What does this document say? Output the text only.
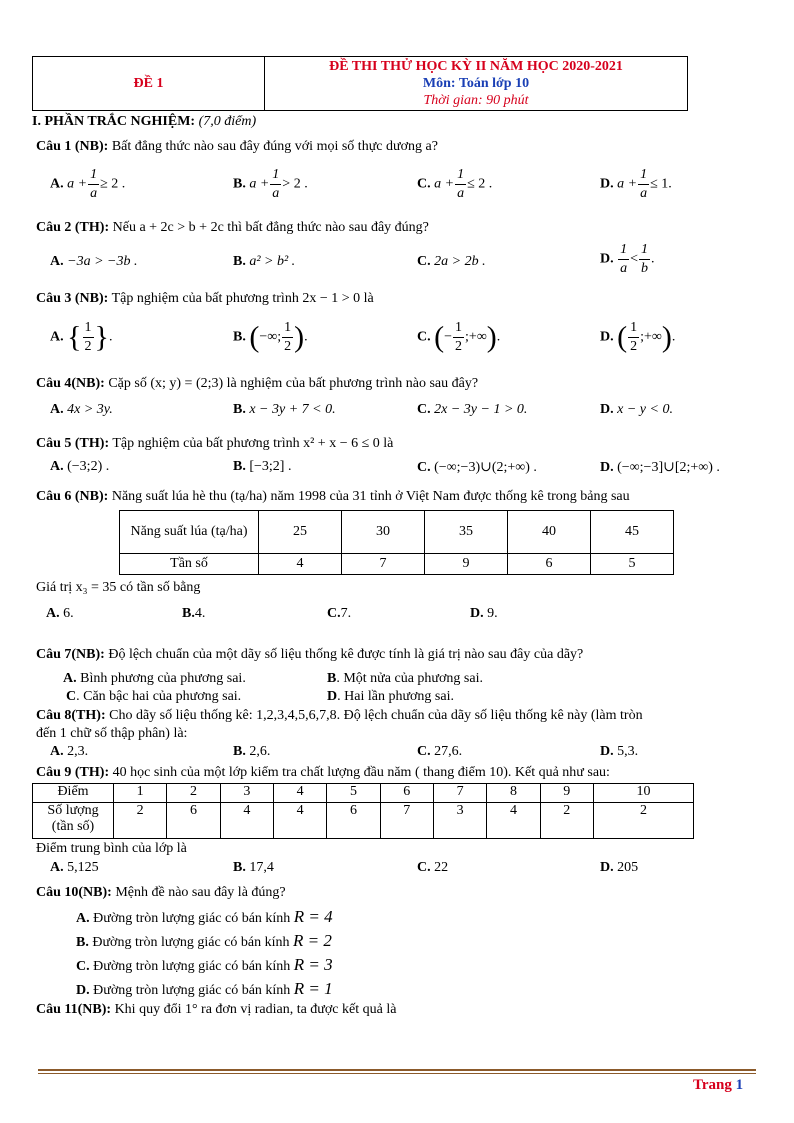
ĐỀ 1
ĐỀ THI THỬ HỌC KỲ II NĂM HỌC 2020-2021
Môn: Toán lớp 10
Thời gian: 90 phút
I. PHẦN TRẮC NGHIỆM: (7,0 điểm)
Câu 1 (NB): Bất đẳng thức nào sau đây đúng với mọi số thực dương a?
A. $a + \frac{1}{a} \ge 2$ .	B. $a + \frac{1}{a} > 2$ .	C. $a + \frac{1}{a} \le 2$ .	D. $a + \frac{1}{a} \le 1$.
Câu 2 (TH): Nếu a + 2c > b + 2c thì bất đẳng thức nào sau đây đúng?
A. −3a > −3b .	B. a² > b² .	C. 2a > 2b .	D. $\frac{1}{a} < \frac{1}{b}$ .
Câu 3 (NB): Tập nghiệm của bất phương trình 2x − 1 > 0 là
A. { $\frac{1}{2}$ }.	B. (−∞; $\frac{1}{2}$ ).	C. (− $\frac{1}{2}$ ;+∞).	D. ( $\frac{1}{2}$ ;+∞).
Câu 4(NB): Cặp số (x; y) = (2;3) là nghiệm của bất phương trình nào sau đây?
A. 4x > 3y.	B. x − 3y + 7 < 0.	C. 2x − 3y − 1 > 0.	D. x − y < 0.
Câu 5 (TH): Tập nghiệm của bất phương trình x² + x − 6 ≤ 0 là
A. (−3;2) .	B. [−3;2] .	C. (−∞;−3)∪(2;+∞) .	D. (−∞;−3]∪[2;+∞) .
Câu 6 (NB): Năng suất lúa hè thu (tạ/ha) năm 1998 của 31 tỉnh ở Việt Nam được thống kê trong bảng sau
Năng suất lúa (tạ/ha)	25	30	35	40	45
Tần số	4	7	9	6	5
Giá trị x₃ = 35 có tần số bằng
A. 6.	B.4.	C.7.	D. 9.
Câu 7(NB): Độ lệch chuẩn của một dãy số liệu thống kê được tính là giá trị nào sau đây của dãy?
A. Bình phương của phương sai.	B. Một nửa của phương sai.
C. Căn bậc hai của phương sai.	D. Hai lần phương sai.
Câu 8(TH): Cho dãy số liệu thống kê: 1,2,3,4,5,6,7,8. Độ lệch chuẩn của dãy số liệu thống kê này (làm tròn
đến 1 chữ số thập phân) là:
A. 2,3.	B. 2,6.	C. 27,6.	D. 5,3.
Câu 9 (TH): 40 học sinh của một lớp kiểm tra chất lượng đầu năm ( thang điểm 10). Kết quả như sau:
Điểm	1	2	3	4	5	6	7	8	9	10

Số lượng
(tần số)	2	6	4	4	6	7	3	4	2	2
Điểm trung bình của lớp là
A. 5,125	B. 17,4	C. 22	D. 205
Câu 10(NB): Mệnh đề nào sau đây là đúng?
A. Đường tròn lượng giác có bán kính R = 4
B. Đường tròn lượng giác có bán kính R = 2
C. Đường tròn lượng giác có bán kính R = 3
D. Đường tròn lượng giác có bán kính R = 1
Câu 11(NB): Khi quy đổi 1° ra đơn vị radian, ta được kết quả là
Trang 1
